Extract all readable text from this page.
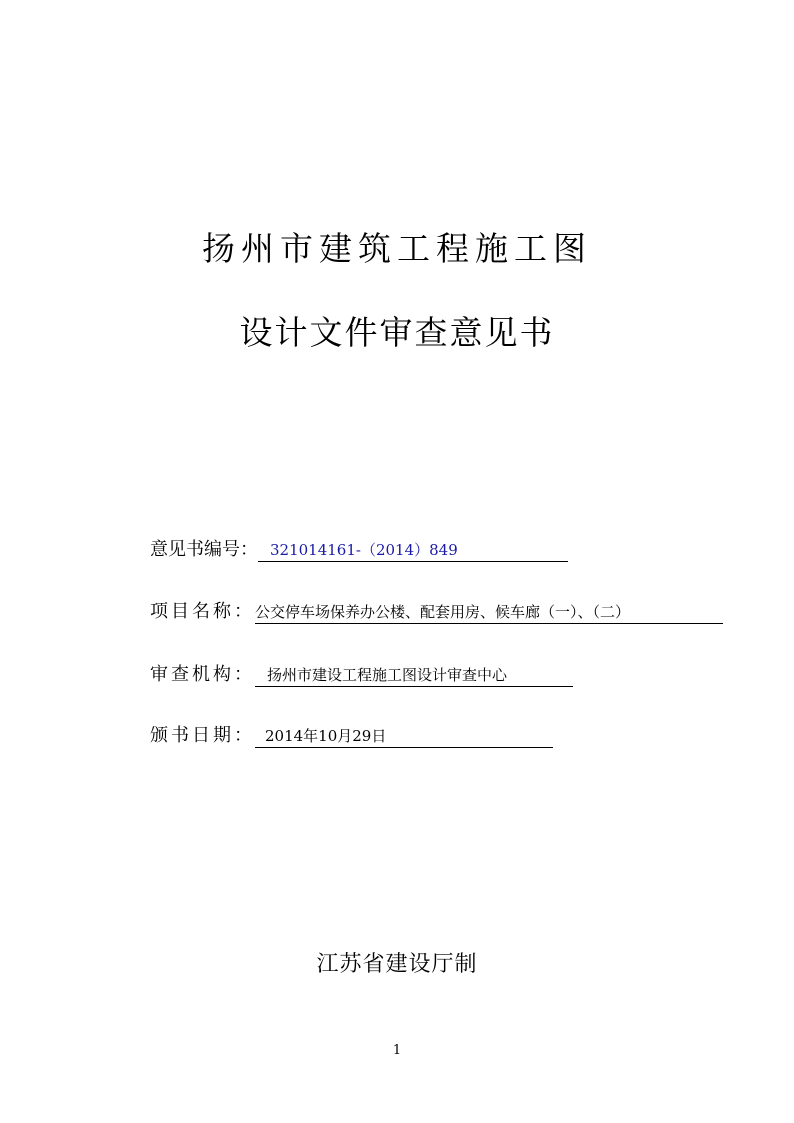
扬州市建筑工程施工图
设计文件审查意见书
意见书编号： 321014161-（2014）849
项目名称： 公交停车场保养办公楼、配套用房、候车廊（一）、（二）
审查机构： 扬州市建设工程施工图设计审查中心
颁书日期： 2014年10月29日
江苏省建设厅制
1
